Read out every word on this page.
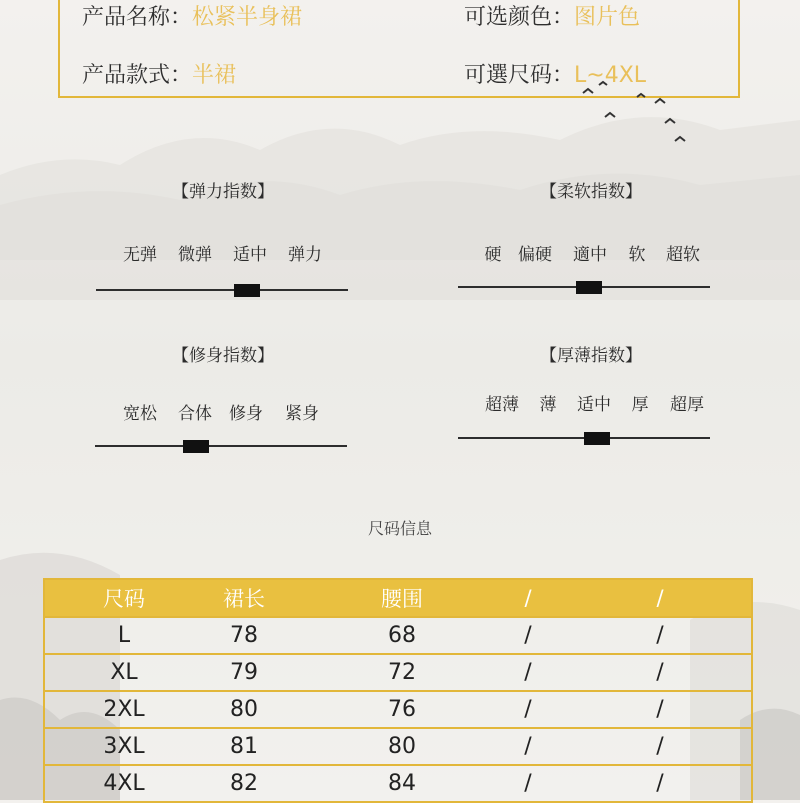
产品名称：松紧半身裙	可选颜色：图片色
产品款式：半裙	可選尺码：L~4XL
【弹力指数】
无弹 微弹 适中 弹力
【柔软指数】
硬 偏硬 適中 软 超软
【修身指数】
宽松 合体 修身 紧身
【厚薄指数】
超薄 薄 适中 厚 超厚
尺码信息
尺码	裙长	腰围	/	/
L	78	68	/	/
XL	79	72	/	/
2XL	80	76	/	/
3XL	81	80	/	/
4XL	82	84	/	/
